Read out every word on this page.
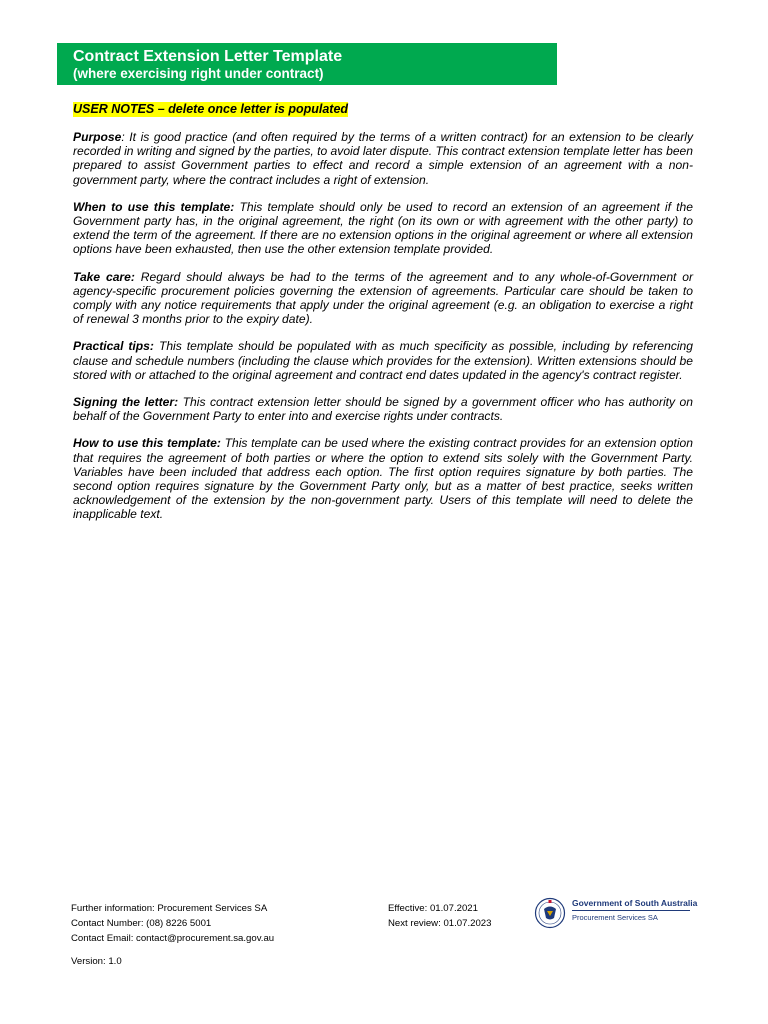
Contract Extension Letter Template
(where exercising right under contract)
USER NOTES – delete once letter is populated

Purpose: It is good practice (and often required by the terms of a written contract) for an extension to be clearly recorded in writing and signed by the parties, to avoid later dispute. This contract extension template letter has been prepared to assist Government parties to effect and record a simple extension of an agreement with a non-government party, where the contract includes a right of extension.

When to use this template: This template should only be used to record an extension of an agreement if the Government party has, in the original agreement, the right (on its own or with agreement with the other party) to extend the term of the agreement. If there are no extension options in the original agreement or where all extension options have been exhausted, then use the other extension template provided.

Take care: Regard should always be had to the terms of the agreement and to any whole-of-Government or agency-specific procurement policies governing the extension of agreements. Particular care should be taken to comply with any notice requirements that apply under the original agreement (e.g. an obligation to exercise a right of renewal 3 months prior to the expiry date).

Practical tips: This template should be populated with as much specificity as possible, including by referencing clause and schedule numbers (including the clause which provides for the extension). Written extensions should be stored with or attached to the original agreement and contract end dates updated in the agency's contract register.

Signing the letter: This contract extension letter should be signed by a government officer who has authority on behalf of the Government Party to enter into and exercise rights under contracts.

How to use this template: This template can be used where the existing contract provides for an extension option that requires the agreement of both parties or where the option to extend sits solely with the Government Party. Variables have been included that address each option. The first option requires signature by both parties. The second option requires signature by the Government Party only, but as a matter of best practice, seeks written acknowledgement of the extension by the non-government party. Users of this template will need to delete the inapplicable text.

Further information: Procurement Services SA
Contact Number: (08) 8226 5001
Contact Email: contact@procurement.sa.gov.au
Version: 1.0
Effective: 01.07.2021
Next review: 01.07.2023
Government of South Australia
Procurement Services SA
